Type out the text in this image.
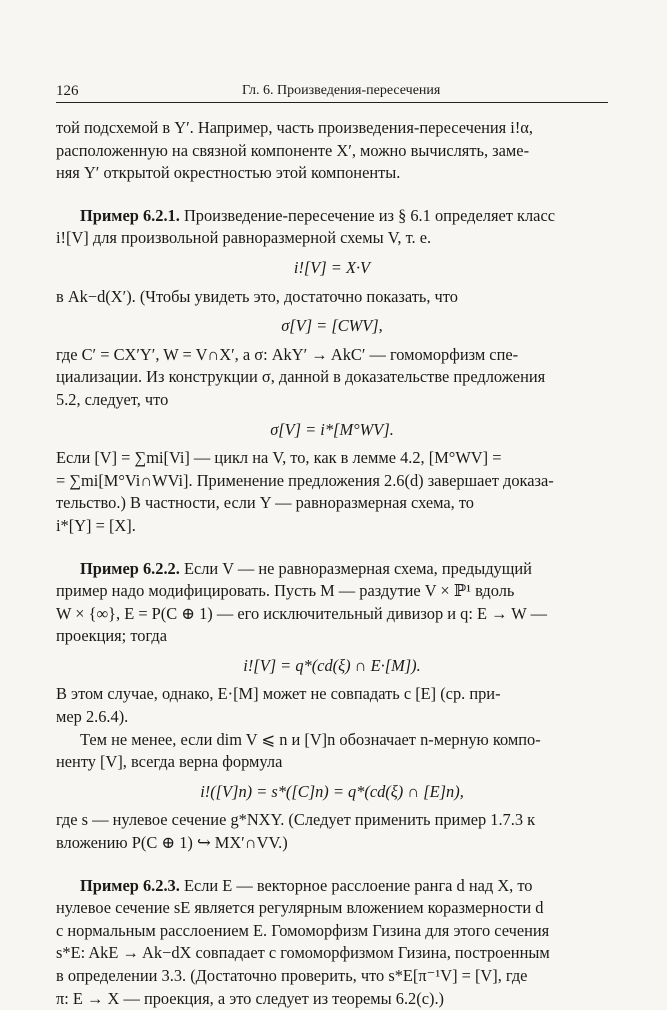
126	Гл. 6. Произведения-пересечения

той подсхемой в Y′. Например, часть произведения-пересечения i!α,

расположенную на связной компоненте X′, можно вычислять, заме-

няя Y′ открытой окрестностью этой компоненты.

Пример 6.2.1. Произведение-пересечение из § 6.1 определяет класс

i![V] для произвольной равноразмерной схемы V, т. е.

i![V] = X·V

в Ak−d(X′). (Чтобы увидеть это, достаточно показать, что

σ[V] = [CWV],

где C′ = CX′Y′, W = V∩X′, а σ: AkY′ → AkC′ — гомоморфизм спе-

циализации. Из конструкции σ, данной в доказательстве предложения

5.2, следует, что

σ[V] = i*[M°WV].

Если [V] = ∑mi[Vi] — цикл на V, то, как в лемме 4.2, [M°WV] =

= ∑mi[M°Vi∩WVi]. Применение предложения 2.6(d) завершает доказа-

тельство.) В частности, если Y — равноразмерная схема, то

i*[Y] = [X].

Пример 6.2.2. Если V — не равноразмерная схема, предыдущий

пример надо модифицировать. Пусть M — раздутие V × ℙ¹ вдоль

W × {∞}, E = P(C ⊕ 1) — его исключительный дивизор и q: E → W —

проекция; тогда

i![V] = q*(cd(ξ) ∩ E·[M]).

В этом случае, однако, E·[M] может не совпадать с [E] (ср. при-

мер 2.6.4).

Тем не менее, если dim V ⩽ n и [V]n обозначает n-мерную компо-

ненту [V], всегда верна формула

i!([V]n) = s*([C]n) = q*(cd(ξ) ∩ [E]n),

где s — нулевое сечение g*NXY. (Следует применить пример 1.7.3 к

вложению P(C ⊕ 1) ↪ MX′∩VV.)

Пример 6.2.3. Если E — векторное расслоение ранга d над X, то

нулевое сечение sE является регулярным вложением коразмерности d

с нормальным расслоением E. Гомоморфизм Гизина для этого сечения

s*E: AkE → Ak−dX совпадает с гомоморфизмом Гизина, построенным

в определении 3.3. (Достаточно проверить, что s*E[π⁻¹V] = [V], где

π: E → X — проекция, а это следует из теоремы 6.2(c).)
